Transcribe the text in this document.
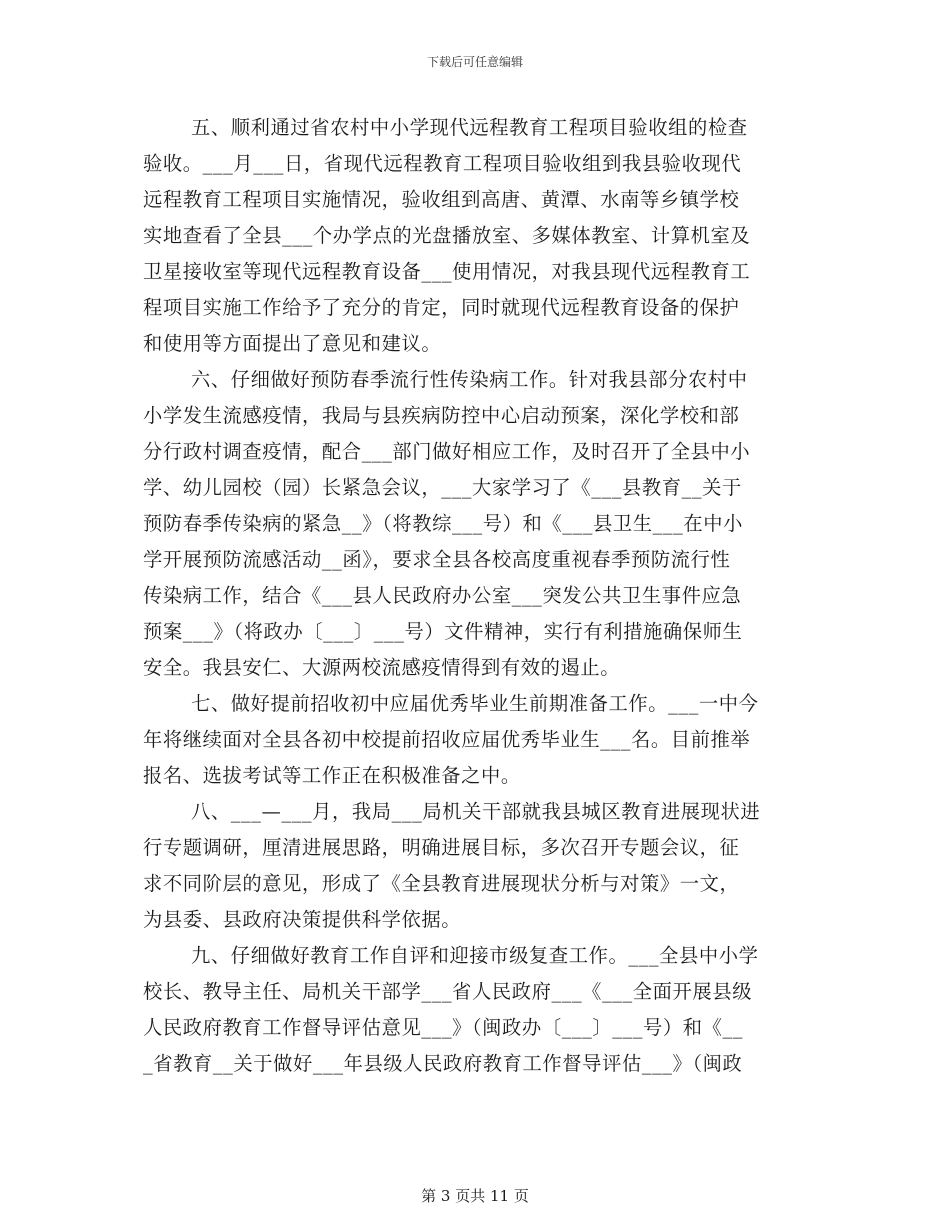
下载后可任意编辑
五、顺利通过省农村中小学现代远程教育工程项目验收组的检查
验收。___月___日，省现代远程教育工程项目验收组到我县验收现代
远程教育工程项目实施情况，验收组到高唐、黄潭、水南等乡镇学校
实地查看了全县___个办学点的光盘播放室、多媒体教室、计算机室及
卫星接收室等现代远程教育设备___使用情况，对我县现代远程教育工
程项目实施工作给予了充分的肯定，同时就现代远程教育设备的保护
和使用等方面提出了意见和建议。
六、仔细做好预防春季流行性传染病工作。针对我县部分农村中
小学发生流感疫情，我局与县疾病防控中心启动预案，深化学校和部
分行政村调查疫情，配合___部门做好相应工作，及时召开了全县中小
学、幼儿园校（园）长紧急会议，___大家学习了《___县教育__关于
预防春季传染病的紧急__》（将教综___号）和《___县卫生___在中小
学开展预防流感活动__函》，要求全县各校高度重视春季预防流行性
传染病工作，结合《___县人民政府办公室___突发公共卫生事件应急
预案___》（将政办〔___〕___号）文件精神，实行有利措施确保师生
安全。我县安仁、大源两校流感疫情得到有效的遏止。
七、做好提前招收初中应届优秀毕业生前期准备工作。___一中今
年将继续面对全县各初中校提前招收应届优秀毕业生___名。目前推举
报名、选拔考试等工作正在积极准备之中。
八、___—___月，我局___局机关干部就我县城区教育进展现状进
行专题调研，厘清进展思路，明确进展目标，多次召开专题会议，征
求不同阶层的意见，形成了《全县教育进展现状分析与对策》一文，
为县委、县政府决策提供科学依据。
九、仔细做好教育工作自评和迎接市级复查工作。___全县中小学
校长、教导主任、局机关干部学___省人民政府___《___全面开展县级
人民政府教育工作督导评估意见___》（闽政办〔___〕___号）和《__
_省教育__关于做好___年县级人民政府教育工作督导评估___》（闽政
第 3 页共 11 页
